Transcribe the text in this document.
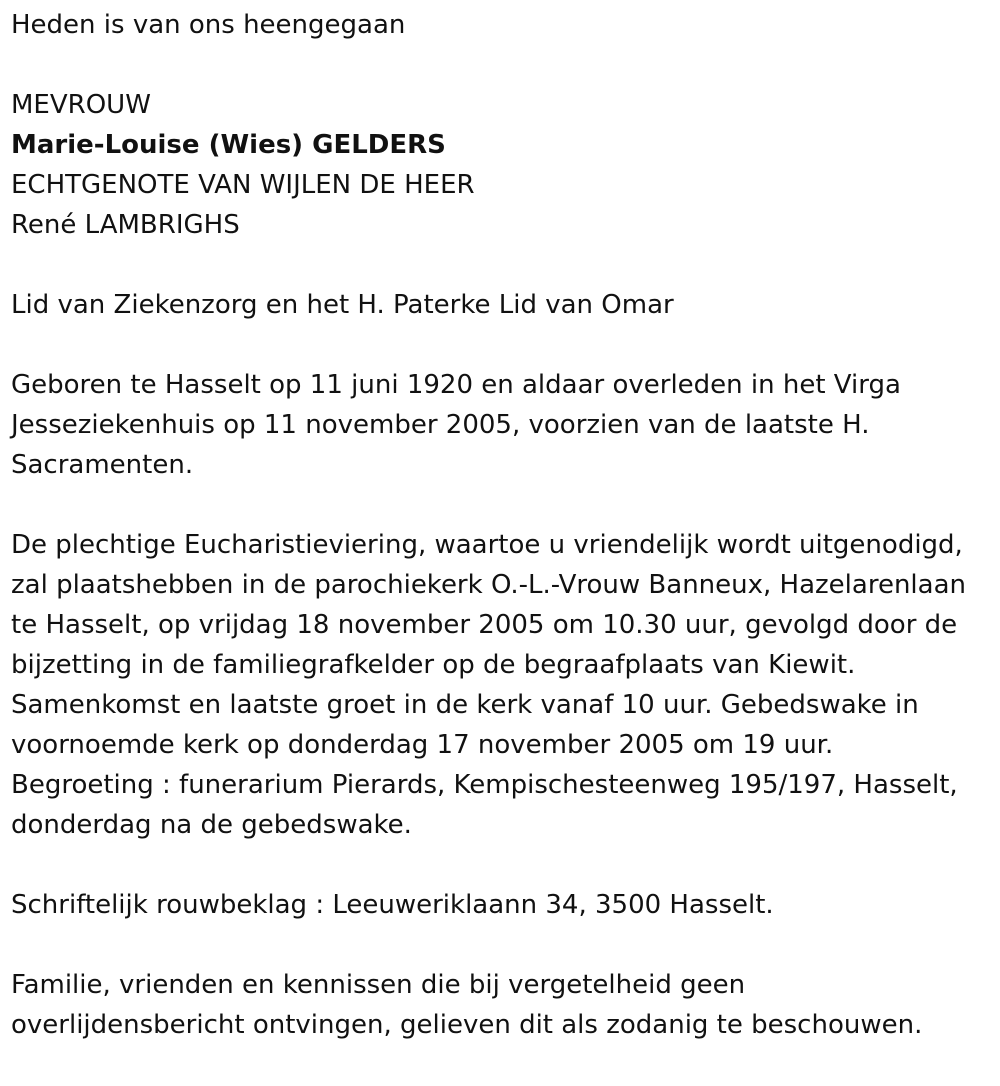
Heden is van ons heengegaan
MEVROUW
Marie-Louise (Wies) GELDERS
ECHTGENOTE VAN WIJLEN DE HEER
René LAMBRIGHS
Lid van Ziekenzorg en het H. Paterke Lid van Omar
Geboren te Hasselt op 11 juni 1920 en aldaar overleden in het Virga
Jesseziekenhuis op 11 november 2005, voorzien van de laatste H.
Sacramenten.
De plechtige Eucharistieviering, waartoe u vriendelijk wordt uitgenodigd,
zal plaatshebben in de parochiekerk O.-L.-Vrouw Banneux, Hazelarenlaan
te Hasselt, op vrijdag 18 november 2005 om 10.30 uur, gevolgd door de
bijzetting in de familiegrafkelder op de begraafplaats van Kiewit.
Samenkomst en laatste groet in de kerk vanaf 10 uur. Gebedswake in
voornoemde kerk op donderdag 17 november 2005 om 19 uur.
Begroeting : funerarium Pierards, Kempischesteenweg 195/197, Hasselt,
donderdag na de gebedswake.
Schriftelijk rouwbeklag : Leeuweriklaann 34, 3500 Hasselt.
Familie, vrienden en kennissen die bij vergetelheid geen
overlijdensbericht ontvingen, gelieven dit als zodanig te beschouwen.
